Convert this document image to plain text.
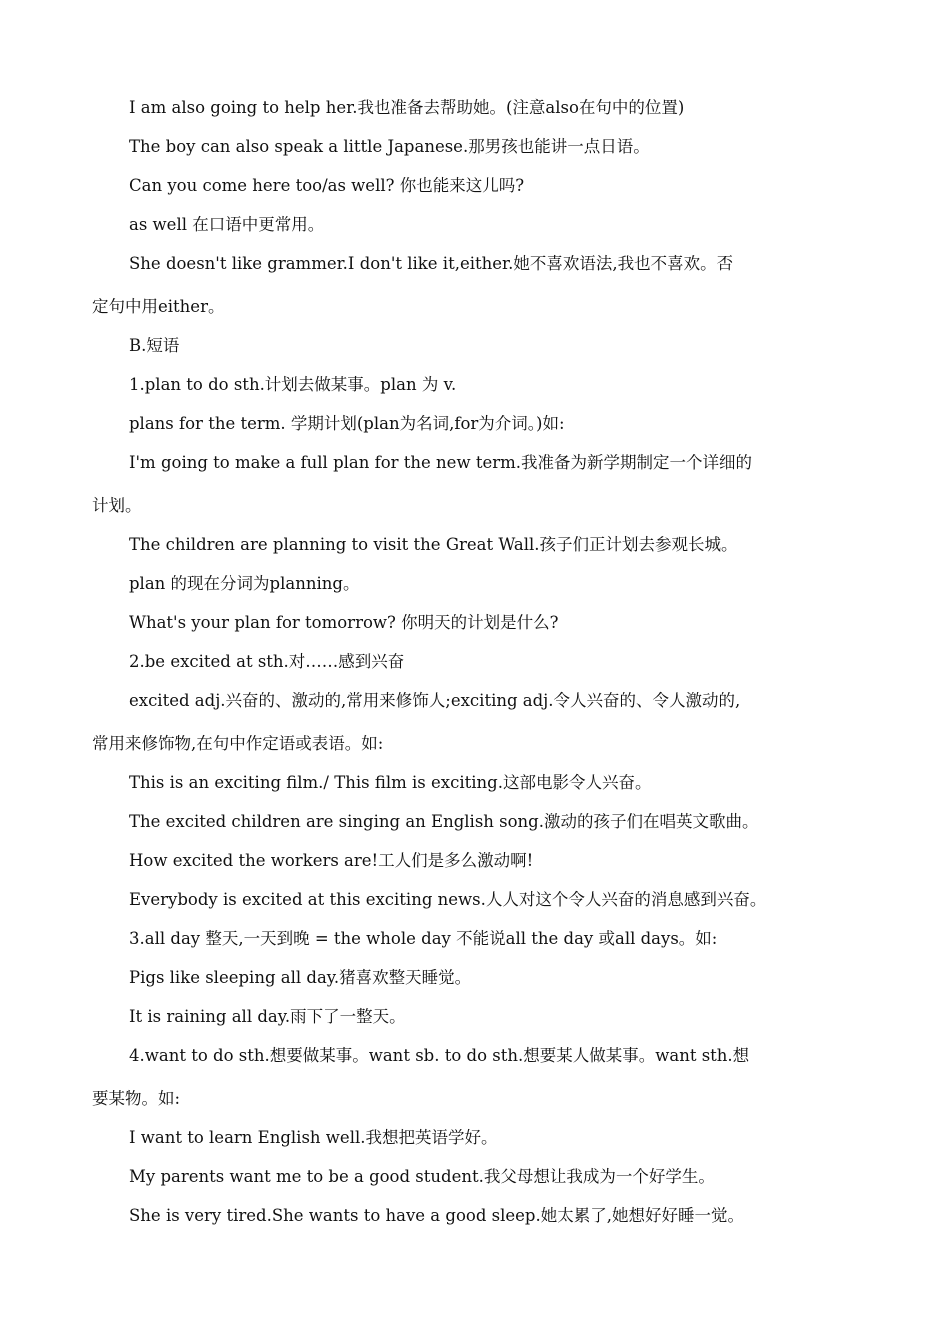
I am also going to help her.我也准备去帮助她。(注意also在句中的位置)

The boy can also speak a little Japanese.那男孩也能讲一点日语。

Can you come here too/as well? 你也能来这儿吗?

as well 在口语中更常用。

She doesn't like grammer.I don't like it,either.她不喜欢语法,我也不喜欢。否

定句中用either。

B.短语

1.plan to do sth.计划去做某事。plan 为 v.

plans for the term. 学期计划(plan为名词,for为介词。)如:

I'm going to make a full plan for the new term.我准备为新学期制定一个详细的

计划。

The children are planning to visit the Great Wall.孩子们正计划去参观长城。

plan 的现在分词为planning。

What's your plan for tomorrow? 你明天的计划是什么?

2.be excited at sth.对……感到兴奋

excited adj.兴奋的、激动的,常用来修饰人;exciting adj.令人兴奋的、令人激动的,

常用来修饰物,在句中作定语或表语。如:

This is an exciting film./ This film is exciting.这部电影令人兴奋。

The excited children are singing an English song.激动的孩子们在唱英文歌曲。

How excited the workers are!工人们是多么激动啊!

Everybody is excited at this exciting news.人人对这个令人兴奋的消息感到兴奋。

3.all day 整天,一天到晚 = the whole day 不能说all the day 或all days。如:

Pigs like sleeping all day.猪喜欢整天睡觉。

It is raining all day.雨下了一整天。

4.want to do sth.想要做某事。want sb. to do sth.想要某人做某事。want sth.想

要某物。如:

I want to learn English well.我想把英语学好。

My parents want me to be a good student.我父母想让我成为一个好学生。

She is very tired.She wants to have a good sleep.她太累了,她想好好睡一觉。
